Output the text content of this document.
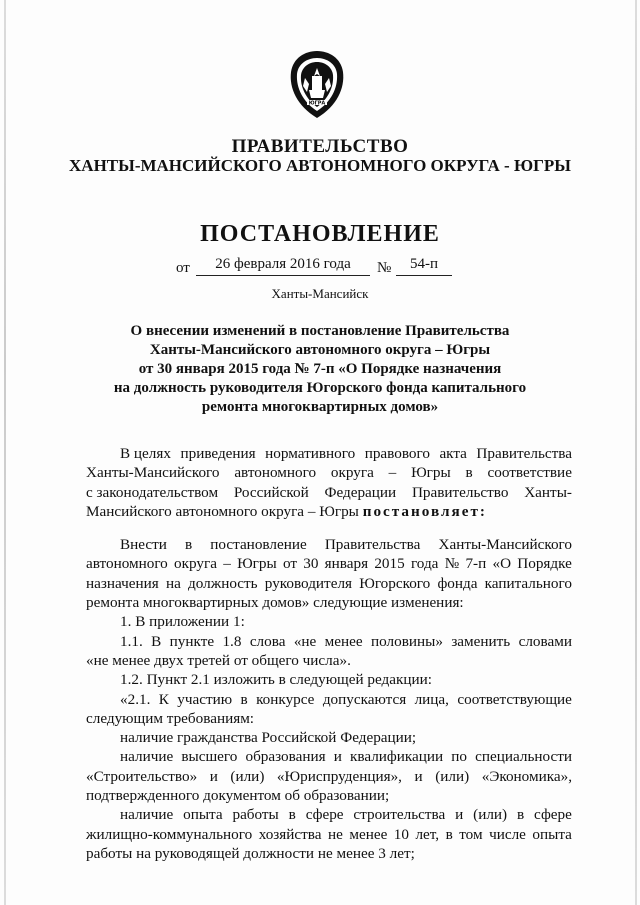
ЮГРА
ПРАВИТЕЛЬСТВО
ХАНТЫ-МАНСИЙСКОГО АВТОНОМНОГО ОКРУГА - ЮГРЫ
ПОСТАНОВЛЕНИЕ
от	26 февраля 2016 года	№	54-п
Ханты-Мансийск
О внесении изменений в постановление Правительства
Ханты-Мансийского автономного округа – Югры
от 30 января 2015 года № 7-п «О Порядке назначения
на должность руководителя Югорского фонда капитального
ремонта многоквартирных домов»
В целях приведения нормативного правового акта Правительства
Ханты-Мансийского автономного округа – Югры в соответствие
с законодательством Российской Федерации Правительство Ханты-
Мансийского автономного округа – Югры постановляет:
Внести в постановление Правительства Ханты-Мансийского
автономного округа – Югры от 30 января 2015 года № 7-п «О Порядке
назначения на должность руководителя Югорского фонда капитального
ремонта многоквартирных домов» следующие изменения:
1. В приложении 1:
1.1. В пункте 1.8 слова «не менее половины» заменить словами
«не менее двух третей от общего числа».
1.2. Пункт 2.1 изложить в следующей редакции:
«2.1. К участию в конкурсе допускаются лица, соответствующие
следующим требованиям:
наличие гражданства Российской Федерации;
наличие высшего образования и квалификации по специальности
«Строительство» и (или) «Юриспруденция», и (или) «Экономика»,
подтвержденного документом об образовании;
наличие опыта работы в сфере строительства и (или) в сфере
жилищно-коммунального хозяйства не менее 10 лет, в том числе опыта
работы на руководящей должности не менее 3 лет;
